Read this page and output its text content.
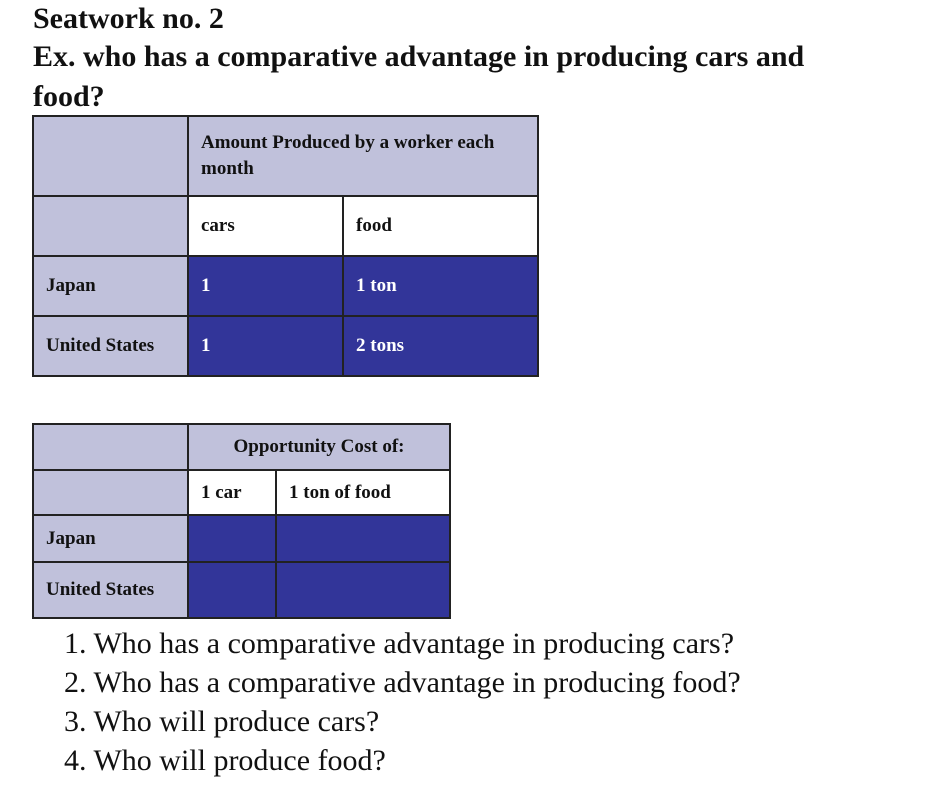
Seatwork no. 2
Ex. who has a comparative advantage in producing cars and
food?

	Amount Produced by a worker each month	

	cars	food
Japan	1	1 ton
United States	1	2 tons
	Opportunity Cost of:	
	1 car	1 ton of food
Japan		
United States		
1. Who has a comparative advantage in producing cars?
2. Who has a comparative advantage in producing food?
3. Who will produce cars?
4. Who will produce food?
